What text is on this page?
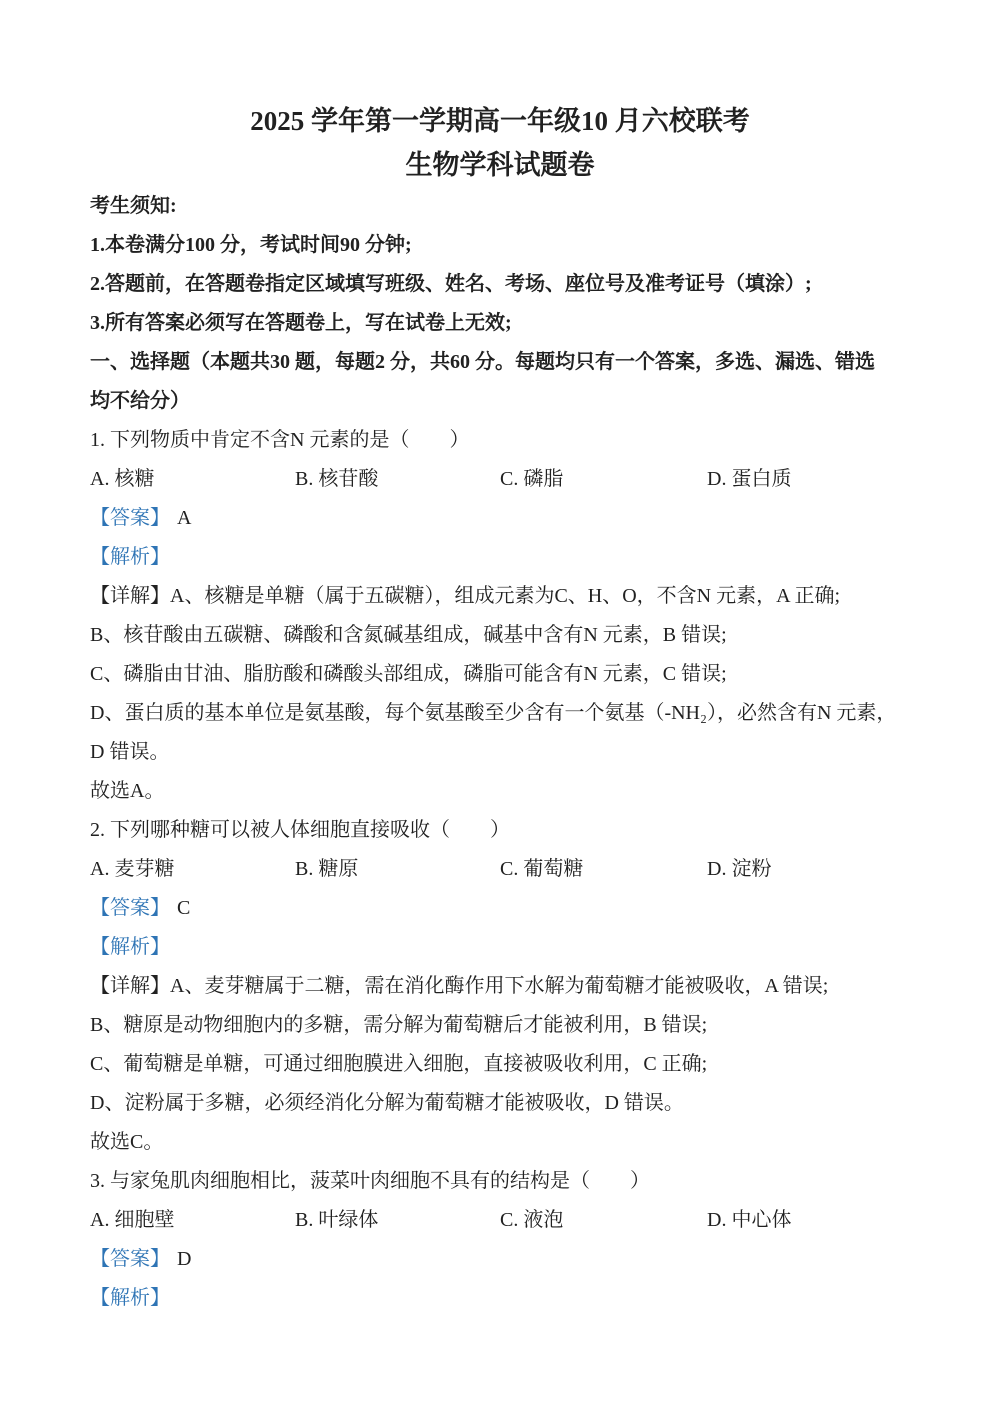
2025 学年第一学期高一年级10 月六校联考
生物学科试题卷

考生须知:

1.本卷满分100 分，考试时间90 分钟;

2.答题前，在答题卷指定区域填写班级、姓名、考场、座位号及准考证号（填涂）;

3.所有答案必须写在答题卷上，写在试卷上无效;

一、选择题（本题共30 题，每题2 分，共60 分。每题均只有一个答案，多选、漏选、错选
均不给分）

1. 下列物质中肯定不含N 元素的是（　　）

A. 核糖	B. 核苷酸	C. 磷脂	D. 蛋白质

【答案】 A

【解析】

【详解】A、核糖是单糖（属于五碳糖），组成元素为C、H、O，不含N 元素，A 正确;

B、核苷酸由五碳糖、磷酸和含氮碱基组成，碱基中含有N 元素，B 错误;

C、磷脂由甘油、脂肪酸和磷酸头部组成，磷脂可能含有N 元素，C 错误;

D、蛋白质的基本单位是氨基酸，每个氨基酸至少含有一个氨基（-NH₂），必然含有N 元素，D 错误。

故选A。

2. 下列哪种糖可以被人体细胞直接吸收（　　）

A. 麦芽糖	B. 糖原	C. 葡萄糖	D. 淀粉

【答案】 C

【解析】

【详解】A、麦芽糖属于二糖，需在消化酶作用下水解为葡萄糖才能被吸收，A 错误;

B、糖原是动物细胞内的多糖，需分解为葡萄糖后才能被利用，B 错误;

C、葡萄糖是单糖，可通过细胞膜进入细胞，直接被吸收利用，C 正确;

D、淀粉属于多糖，必须经消化分解为葡萄糖才能被吸收，D 错误。

故选C。

3. 与家兔肌肉细胞相比，菠菜叶肉细胞不具有的结构是（　　）

A. 细胞壁	B. 叶绿体	C. 液泡	D. 中心体

【答案】 D

【解析】
